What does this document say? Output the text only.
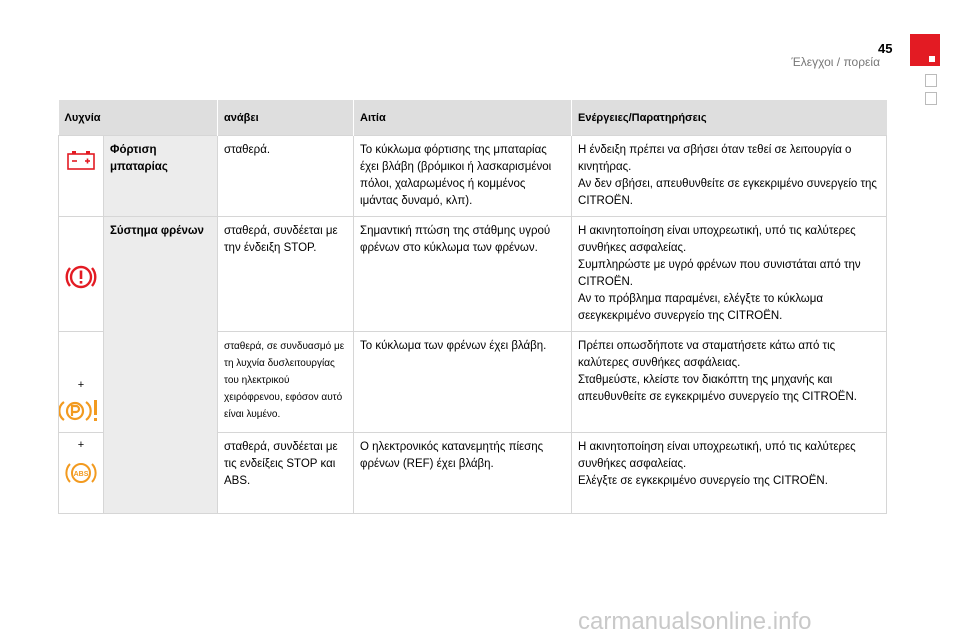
45
Έλεγχοι / πορεία
Λυχνία		ανάβει	Αιτία	Ενέργειες/Παρατηρήσεις

	Φόρτιση μπαταρίας	σταθερά.	Το κύκλωμα φόρτισης της μπαταρίας έχει βλάβη (βρόμικοι ή λασκαρισμένοι πόλοι, χαλαρωμένος ή κομμένος ιμάντας δυναμό, κλπ).	Η ένδειξη πρέπει να σβήσει όταν τεθεί σε λειτουργία ο κινητήρας.
Αν δεν σβήσει, απευθυνθείτε σε εγκεκριμένο συνεργείο της CITROËN.

	Σύστημα φρένων	σταθερά, συνδέεται με την ένδειξη STOP.	Σημαντική πτώση της στάθμης υγρού φρένων στο κύκλωμα των φρένων.	Η ακινητοποίηση είναι υποχρεωτική, υπό τις καλύτερες συνθήκες ασφαλείας.
Συμπληρώστε με υγρό φρένων που συνιστάται από την CITROËN.
Αν το πρόβλημα παραμένει, ελέγξτε το κύκλωμα σεεγκεκριμένο συνεργείο της CITROËN.

+		σταθερά, σε συνδυασμό με τη λυχνία δυσλειτουργίας του ηλεκτρικού χειρόφρενου, εφόσον αυτό είναι λυμένο.	Το κύκλωμα των φρένων έχει βλάβη.	Πρέπει οπωσδήποτε να σταματήσετε κάτω από τις καλύτερες συνθήκες ασφάλειας.
Σταθμεύστε, κλείστε τον διακόπτη της μηχανής και απευθυνθείτε σε εγκεκριμένο συνεργείο της CITROËN.

+
ABS		σταθερά, συνδέεται με τις ενδείξεις STOP και ABS.	Ο ηλεκτρονικός κατανεμητής πίεσης φρένων (REF) έχει βλάβη.	Η ακινητοποίηση είναι υποχρεωτική, υπό τις καλύτερες συνθήκες ασφαλείας.
Ελέγξτε σε εγκεκριμένο συνεργείο της CITROËN.
carmanualsonline.info
